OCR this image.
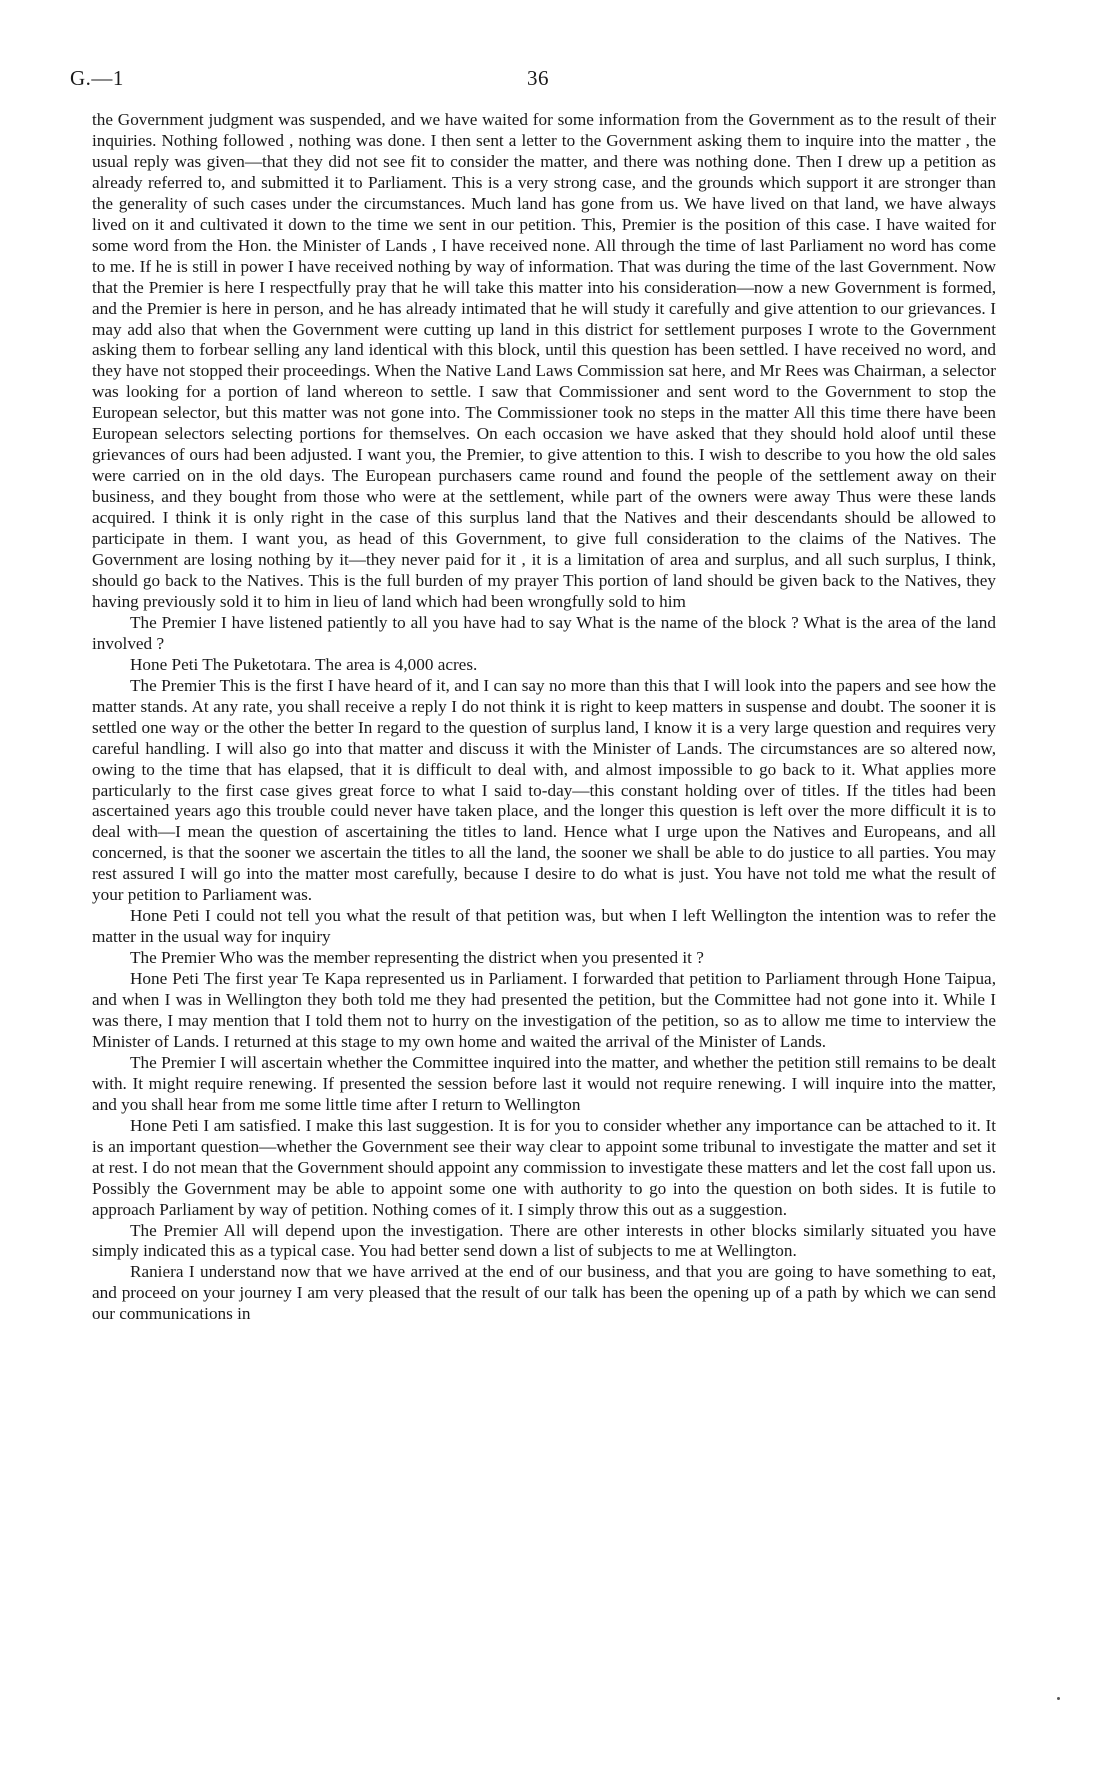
G.—1	36

the Government judgment was suspended, and we have waited for some information from the Government as to the result of their inquiries. Nothing followed , nothing was done. I then sent a letter to the Government asking them to inquire into the matter , the usual reply was given—that they did not see fit to consider the matter, and there was nothing done. Then I drew up a petition as already referred to, and submitted it to Parliament. This is a very strong case, and the grounds which support it are stronger than the generality of such cases under the circumstances. Much land has gone from us. We have lived on that land, we have always lived on it and cultivated it down to the time we sent in our petition. This, Premier is the position of this case. I have waited for some word from the Hon. the Minister of Lands , I have received none. All through the time of last Parliament no word has come to me. If he is still in power I have received nothing by way of information. That was during the time of the last Government. Now that the Premier is here I respectfully pray that he will take this matter into his consideration—now a new Government is formed, and the Premier is here in person, and he has already intimated that he will study it carefully and give attention to our grievances. I may add also that when the Government were cutting up land in this district for settlement purposes I wrote to the Government asking them to forbear selling any land identical with this block, until this question has been settled. I have received no word, and they have not stopped their proceedings. When the Native Land Laws Commission sat here, and Mr Rees was Chairman, a selector was looking for a portion of land whereon to settle. I saw that Commissioner and sent word to the Government to stop the European selector, but this matter was not gone into. The Commissioner took no steps in the matter All this time there have been European selectors selecting portions for themselves. On each occasion we have asked that they should hold aloof until these grievances of ours had been adjusted. I want you, the Premier, to give attention to this. I wish to describe to you how the old sales were carried on in the old days. The European purchasers came round and found the people of the settlement away on their business, and they bought from those who were at the settlement, while part of the owners were away Thus were these lands acquired. I think it is only right in the case of this surplus land that the Natives and their descendants should be allowed to participate in them. I want you, as head of this Government, to give full consideration to the claims of the Natives. The Government are losing nothing by it—they never paid for it , it is a limitation of area and surplus, and all such surplus, I think, should go back to the Natives. This is the full burden of my prayer This portion of land should be given back to the Natives, they having previously sold it to him in lieu of land which had been wrongfully sold to him

The Premier I have listened patiently to all you have had to say What is the name of the block ? What is the area of the land involved ?

Hone Peti The Puketotara. The area is 4,000 acres.

The Premier This is the first I have heard of it, and I can say no more than this that I will look into the papers and see how the matter stands. At any rate, you shall receive a reply I do not think it is right to keep matters in suspense and doubt. The sooner it is settled one way or the other the better In regard to the question of surplus land, I know it is a very large question and requires very careful handling. I will also go into that matter and discuss it with the Minister of Lands. The circumstances are so altered now, owing to the time that has elapsed, that it is difficult to deal with, and almost impossible to go back to it. What applies more particularly to the first case gives great force to what I said to-day—this constant holding over of titles. If the titles had been ascertained years ago this trouble could never have taken place, and the longer this question is left over the more difficult it is to deal with—I mean the question of ascertaining the titles to land. Hence what I urge upon the Natives and Europeans, and all concerned, is that the sooner we ascertain the titles to all the land, the sooner we shall be able to do justice to all parties. You may rest assured I will go into the matter most carefully, because I desire to do what is just. You have not told me what the result of your petition to Parliament was.

Hone Peti I could not tell you what the result of that petition was, but when I left Wellington the intention was to refer the matter in the usual way for inquiry

The Premier Who was the member representing the district when you presented it ?

Hone Peti The first year Te Kapa represented us in Parliament. I forwarded that petition to Parliament through Hone Taipua, and when I was in Wellington they both told me they had presented the petition, but the Committee had not gone into it. While I was there, I may mention that I told them not to hurry on the investigation of the petition, so as to allow me time to interview the Minister of Lands. I returned at this stage to my own home and waited the arrival of the Minister of Lands.

The Premier I will ascertain whether the Committee inquired into the matter, and whether the petition still remains to be dealt with. It might require renewing. If presented the session before last it would not require renewing. I will inquire into the matter, and you shall hear from me some little time after I return to Wellington

Hone Peti I am satisfied. I make this last suggestion. It is for you to consider whether any importance can be attached to it. It is an important question—whether the Government see their way clear to appoint some tribunal to investigate the matter and set it at rest. I do not mean that the Government should appoint any commission to investigate these matters and let the cost fall upon us. Possibly the Government may be able to appoint some one with authority to go into the question on both sides. It is futile to approach Parliament by way of petition. Nothing comes of it. I simply throw this out as a suggestion.

The Premier All will depend upon the investigation. There are other interests in other blocks similarly situated you have simply indicated this as a typical case. You had better send down a list of subjects to me at Wellington.

Raniera I understand now that we have arrived at the end of our business, and that you are going to have something to eat, and proceed on your journey I am very pleased that the result of our talk has been the opening up of a path by which we can send our communications in
